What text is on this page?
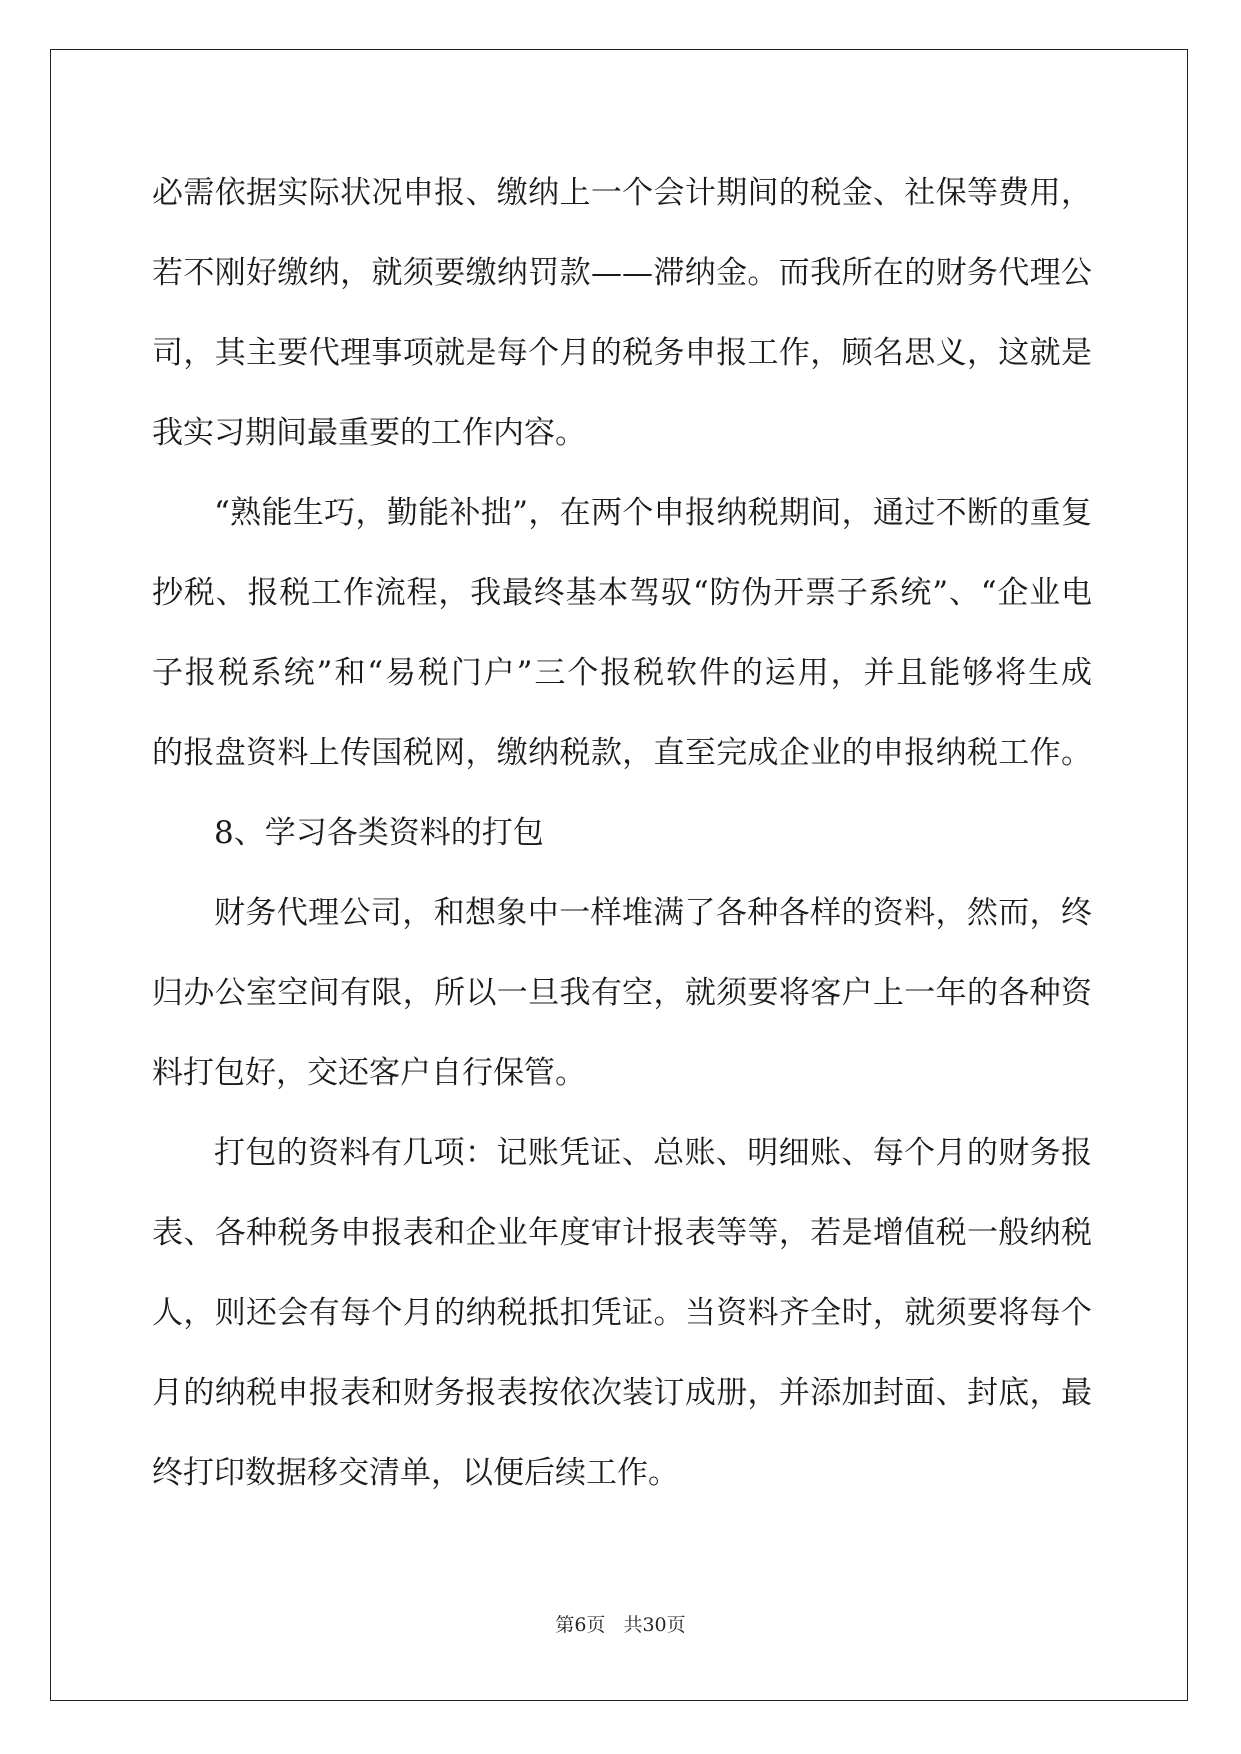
必需依据实际状况申报、缴纳上一个会计期间的税金、社保等费用，
若不刚好缴纳，就须要缴纳罚款——滞纳金。而我所在的财务代理公
司，其主要代理事项就是每个月的税务申报工作，顾名思义，这就是
我实习期间最重要的工作内容。
“熟能生巧，勤能补拙”，在两个申报纳税期间，通过不断的重复
抄税、报税工作流程，我最终基本驾驭“防伪开票子系统”、“企业电
子报税系统”和“易税门户”三个报税软件的运用，并且能够将生成
的报盘资料上传国税网，缴纳税款，直至完成企业的申报纳税工作。
8、学习各类资料的打包
财务代理公司，和想象中一样堆满了各种各样的资料，然而，终
归办公室空间有限，所以一旦我有空，就须要将客户上一年的各种资
料打包好，交还客户自行保管。
打包的资料有几项：记账凭证、总账、明细账、每个月的财务报
表、各种税务申报表和企业年度审计报表等等，若是增值税一般纳税
人，则还会有每个月的纳税抵扣凭证。当资料齐全时，就须要将每个
月的纳税申报表和财务报表按依次装订成册，并添加封面、封底，最
终打印数据移交清单，以便后续工作。
第6页 共30页
